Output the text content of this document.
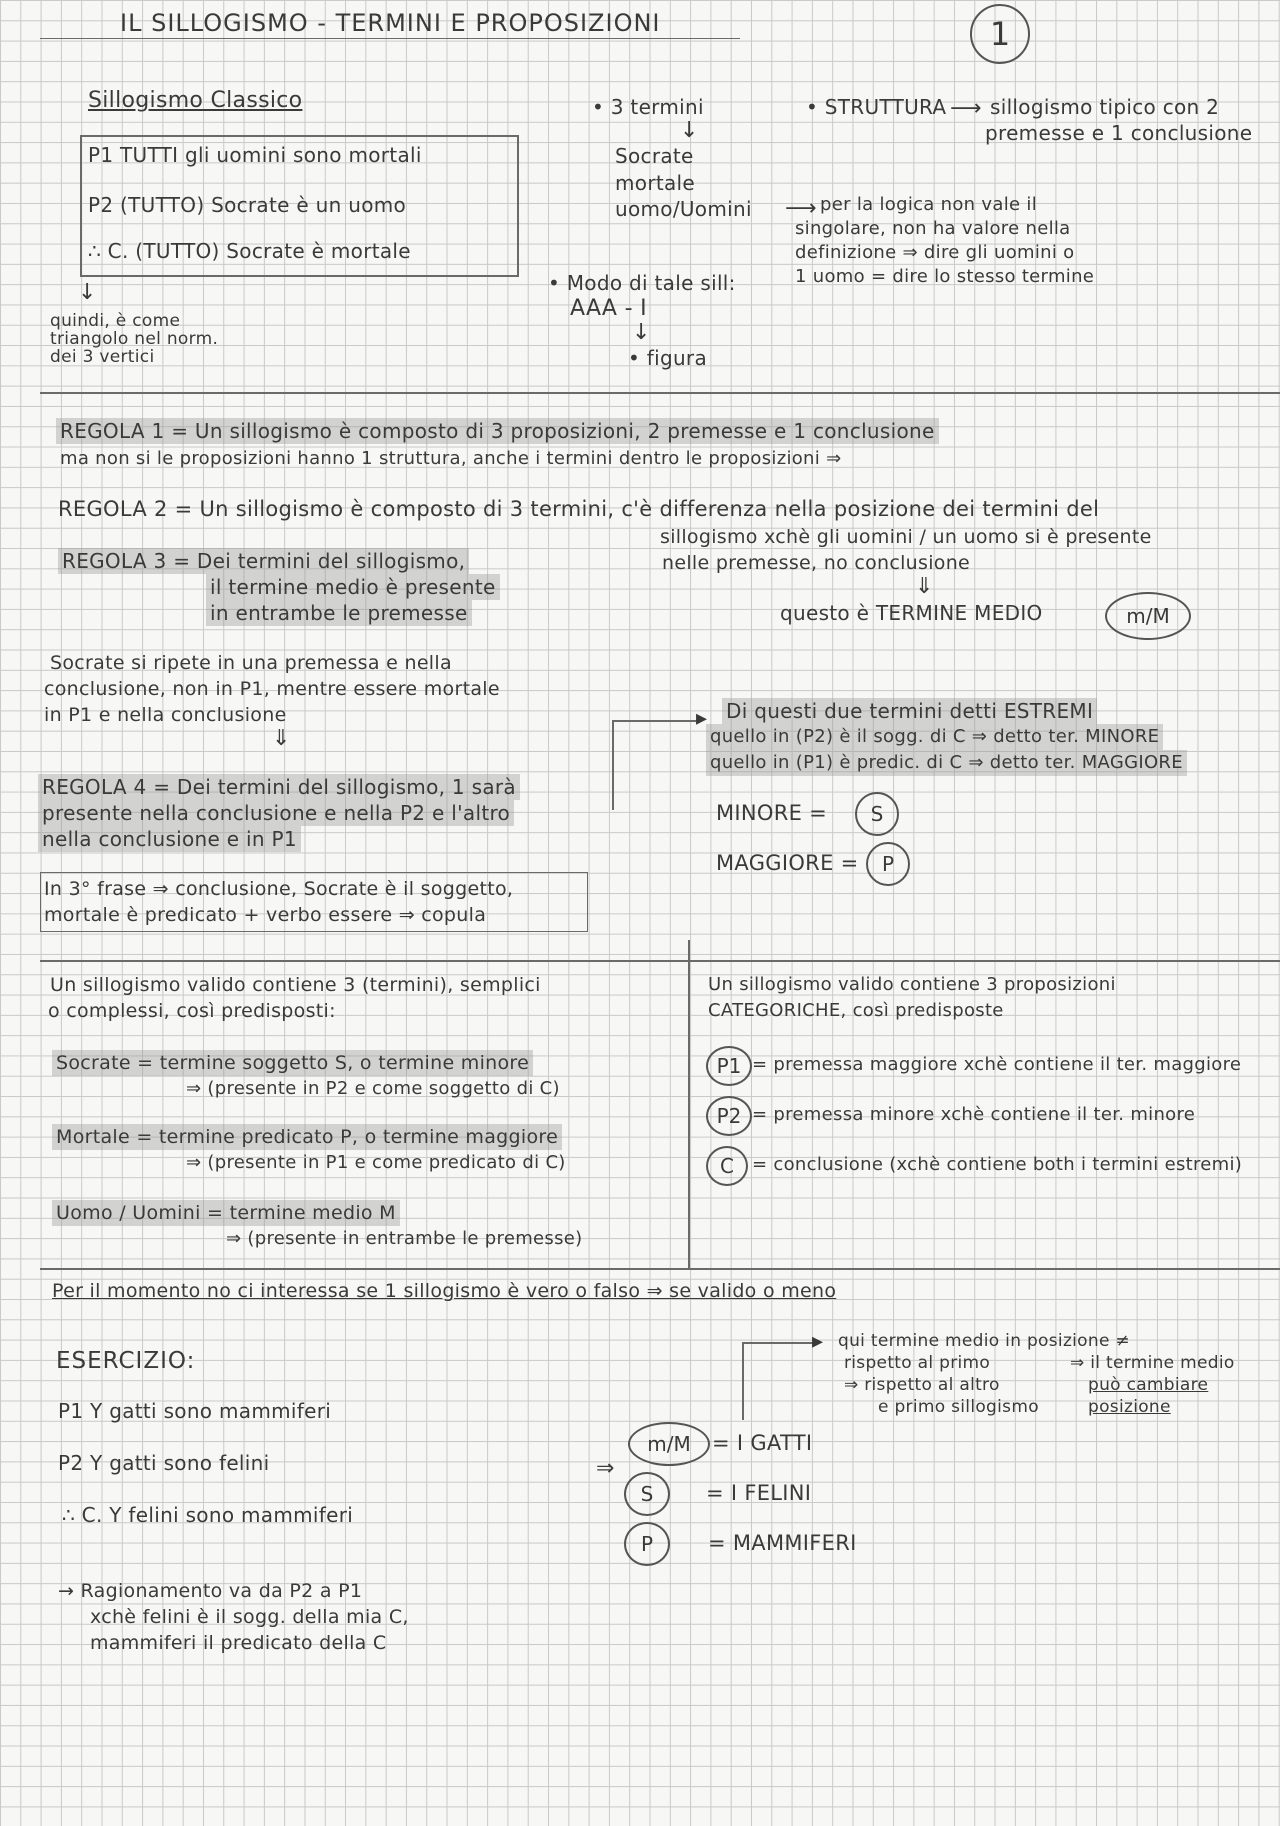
IL SILLOGISMO - TERMINI E PROPOSIZIONI	1
Sillogismo Classico
P1 TUTTI gli uomini sono mortali
P2 (TUTTO) Socrate è un uomo
∴ C. (TUTTO) Socrate è mortale
↓
quindi, è come
triangolo nel norm.
dei 3 vertici
• 3 termini
↓
Socrate
mortale
uomo/Uomini ⟶ per la logica non vale il
singolare, non ha valore nella
definizione ⇒ dire gli uomini o
1 uomo = dire lo stesso termine
• STRUTTURA ⟶ sillogismo tipico con 2
premesse e 1 conclusione
• Modo di tale sill:
AAA - I
↓
• figura
REGOLA 1 = Un sillogismo è composto di 3 proposizioni, 2 premesse e 1 conclusione
ma non si le proposizioni hanno 1 struttura, anche i termini dentro le proposizioni ⇒
REGOLA 2 = Un sillogismo è composto di 3 termini, c'è differenza nella posizione dei termini del
sillogismo xchè gli uomini / un uomo si è presente
nelle premesse, no conclusione
⇓
questo è TERMINE MEDIO	m/M
REGOLA 3 = Dei termini del sillogismo,
il termine medio è presente
in entrambe le premesse
Socrate si ripete in una premessa e nella
conclusione, non in P1, mentre essere mortale
in P1 e nella conclusione
⇓
REGOLA 4 = Dei termini del sillogismo, 1 sarà
presente nella conclusione e nella P2 e l'altro
nella conclusione e in P1
▸ Di questi due termini detti ESTREMI
quello in (P2) è il sogg. di C ⇒ detto ter. MINORE
quello in (P1) è predic. di C ⇒ detto ter. MAGGIORE
MINORE = S
MAGGIORE = P
In 3° frase ⇒ conclusione, Socrate è il soggetto,
mortale è predicato + verbo essere ⇒ copula
Un sillogismo valido contiene 3 (termini), semplici
o complessi, così predisposti:
Socrate = termine soggetto S, o termine minore
⇒ (presente in P2 e come soggetto di C)
Mortale = termine predicato P, o termine maggiore
⇒ (presente in P1 e come predicato di C)
Uomo / Uomini = termine medio M
⇒ (presente in entrambe le premesse)
Un sillogismo valido contiene 3 proposizioni
CATEGORICHE, così predisposte
P1 = premessa maggiore xchè contiene il ter. maggiore
P2 = premessa minore xchè contiene il ter. minore
C = conclusione (xchè contiene both i termini estremi)
Per il momento no ci interessa se 1 sillogismo è vero o falso ⇒ se valido o meno
ESERCIZIO:
P1 Y gatti sono mammiferi
P2 Y gatti sono felini
∴ C. Y felini sono mammiferi
→ Ragionamento va da P2 a P1
xchè felini è il sogg. della mia C,
mammiferi il predicato della C
▸ qui termine medio in posizione ≠
rispetto al primo
⇒ rispetto al altro
e primo sillogismo
⇒ il termine medio
può cambiare
posizione
⇒
m/M = I GATTI
S	= I FELINI
P	= MAMMIFERI
